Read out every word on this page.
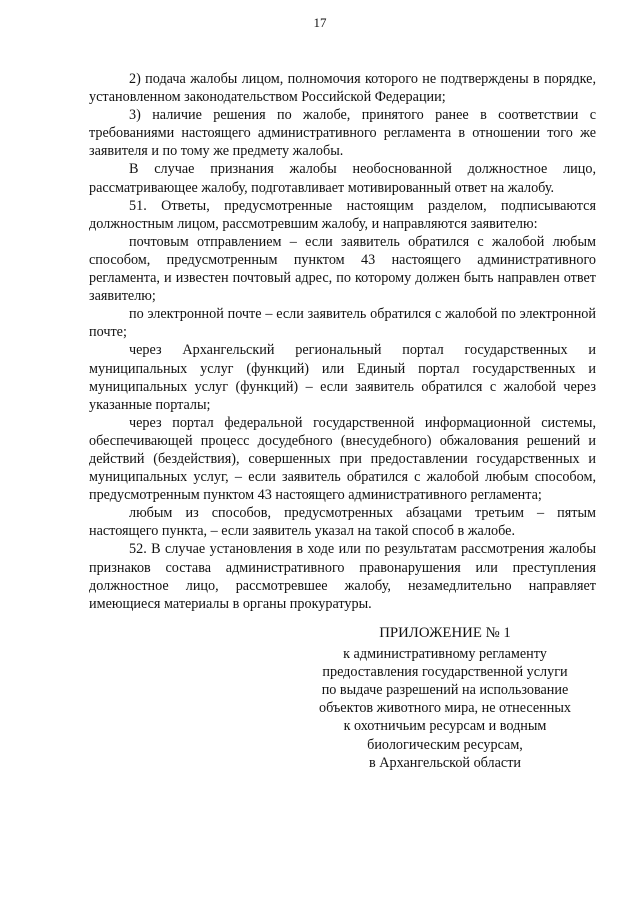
17

2) подача жалобы лицом, полномочия которого не подтверждены в порядке, установленном законодательством Российской Федерации;

3) наличие решения по жалобе, принятого ранее в соответствии с требованиями настоящего административного регламента в отношении того же заявителя и по тому же предмету жалобы.

В случае признания жалобы необоснованной должностное лицо, рассматривающее жалобу, подготавливает мотивированный ответ на жалобу.

51. Ответы, предусмотренные настоящим разделом, подписываются должностным лицом, рассмотревшим жалобу, и направляются заявителю:

почтовым отправлением – если заявитель обратился с жалобой любым способом, предусмотренным пунктом 43 настоящего административного регламента, и известен почтовый адрес, по которому должен быть направлен ответ заявителю;

по электронной почте – если заявитель обратился с жалобой по электронной почте;

через Архангельский региональный портал государственных и муниципальных услуг (функций) или Единый портал государственных и муниципальных услуг (функций) – если заявитель обратился с жалобой через указанные порталы;

через портал федеральной государственной информационной системы, обеспечивающей процесс досудебного (внесудебного) обжалования решений и действий (бездействия), совершенных при предоставлении государственных и муниципальных услуг, – если заявитель обратился с жалобой любым способом, предусмотренным пунктом 43 настоящего административного регламента;

любым из способов, предусмотренных абзацами третьим – пятым настоящего пункта, – если заявитель указал на такой способ в жалобе.

52. В случае установления в ходе или по результатам рассмотрения жалобы признаков состава административного правонарушения или преступления должностное лицо, рассмотревшее жалобу, незамедлительно направляет имеющиеся материалы в органы прокуратуры.

ПРИЛОЖЕНИЕ № 1

к административному регламенту

предоставления государственной услуги

по выдаче разрешений на использование

объектов животного мира, не отнесенных

к охотничьим ресурсам и водным

биологическим ресурсам,

в Архангельской области
